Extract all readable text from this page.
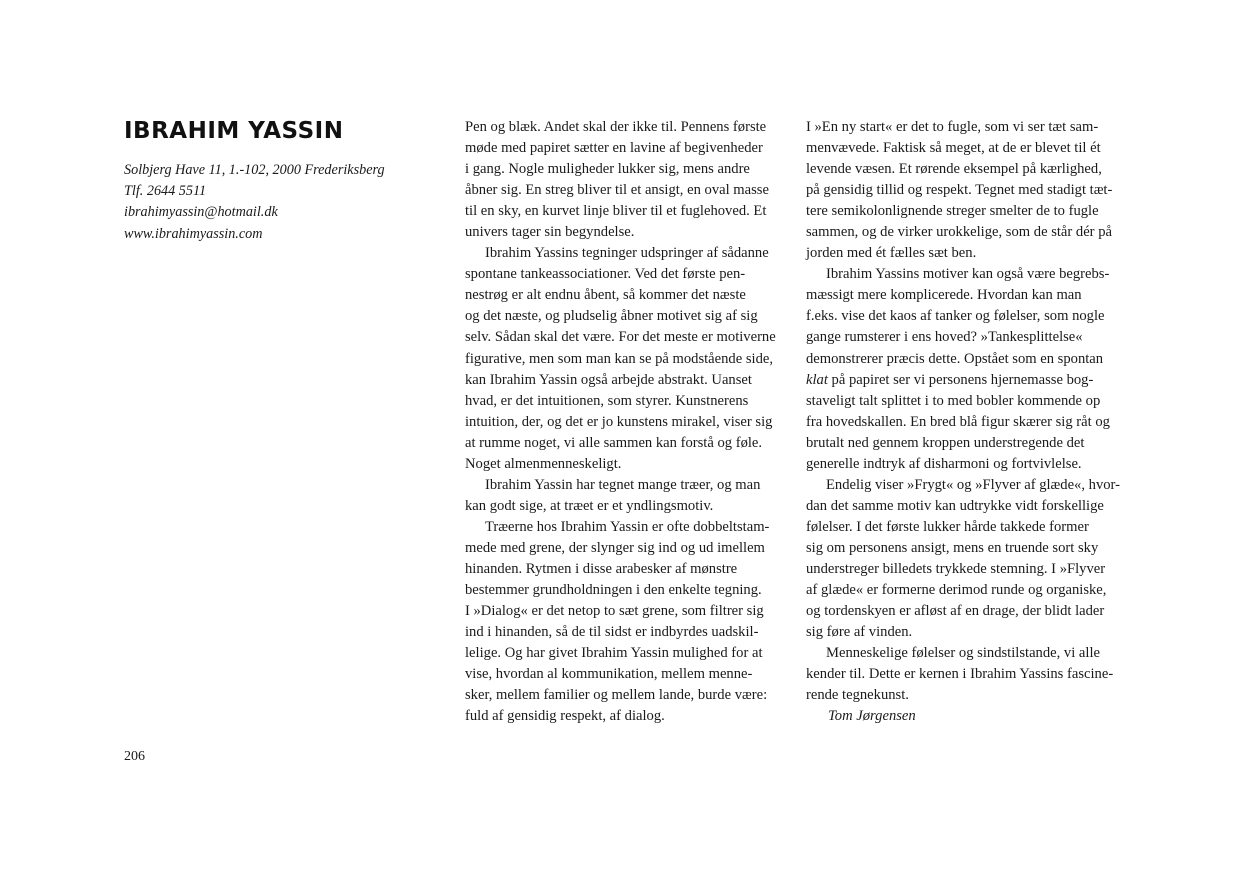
IBRAHIM YASSIN
Solbjerg Have 11, 1.-102, 2000 Frederiksberg
Tlf. 2644 5511
ibrahimyassin@hotmail.dk
www.ibrahimyassin.com
Pen og blæk. Andet skal der ikke til. Pennens første
møde med papiret sætter en lavine af begivenheder
i gang. Nogle muligheder lukker sig, mens andre
åbner sig. En streg bliver til et ansigt, en oval masse
til en sky, en kurvet linje bliver til et fuglehoved. Et
univers tager sin begyndelse.
Ibrahim Yassins tegninger udspringer af sådanne
spontane tankeassociationer. Ved det første pen-
nestrøg er alt endnu åbent, så kommer det næste
og det næste, og pludselig åbner motivet sig af sig
selv. Sådan skal det være. For det meste er motiverne
figurative, men som man kan se på modstående side,
kan Ibrahim Yassin også arbejde abstrakt. Uanset
hvad, er det intuitionen, som styrer. Kunstnerens
intuition, der, og det er jo kunstens mirakel, viser sig
at rumme noget, vi alle sammen kan forstå og føle.
Noget almenmenneskeligt.
Ibrahim Yassin har tegnet mange træer, og man
kan godt sige, at træet er et yndlingsmotiv.
Træerne hos Ibrahim Yassin er ofte dobbeltstam-
mede med grene, der slynger sig ind og ud imellem
hinanden. Rytmen i disse arabesker af mønstre
bestemmer grundholdningen i den enkelte tegning.
I »Dialog« er det netop to sæt grene, som filtrer sig
ind i hinanden, så de til sidst er indbyrdes uadskil-
lelige. Og har givet Ibrahim Yassin mulighed for at
vise, hvordan al kommunikation, mellem menne-
sker, mellem familier og mellem lande, burde være:
fuld af gensidig respekt, af dialog.
I »En ny start« er det to fugle, som vi ser tæt sam-
menvævede. Faktisk så meget, at de er blevet til ét
levende væsen. Et rørende eksempel på kærlighed,
på gensidig tillid og respekt. Tegnet med stadigt tæt-
tere semikolonlignende streger smelter de to fugle
sammen, og de virker urokkelige, som de står dér på
jorden med ét fælles sæt ben.
Ibrahim Yassins motiver kan også være begrebs-
mæssigt mere komplicerede. Hvordan kan man
f.eks. vise det kaos af tanker og følelser, som nogle
gange rumsterer i ens hoved? »Tankesplittelse«
demonstrerer præcis dette. Opstået som en spontan
klat på papiret ser vi personens hjernemasse bog-
staveligt talt splittet i to med bobler kommende op
fra hovedskallen. En bred blå figur skærer sig råt og
brutalt ned gennem kroppen understregende det
generelle indtryk af disharmoni og fortvivlelse.
Endelig viser »Frygt« og »Flyver af glæde«, hvor-
dan det samme motiv kan udtrykke vidt forskellige
følelser. I det første lukker hårde takkede former
sig om personens ansigt, mens en truende sort sky
understreger billedets trykkede stemning. I »Flyver
af glæde« er formerne derimod runde og organiske,
og tordenskyen er afløst af en drage, der blidt lader
sig føre af vinden.
Menneskelige følelser og sindstilstande, vi alle
kender til. Dette er kernen i Ibrahim Yassins fascine-
rende tegnekunst.
Tom Jørgensen
206
